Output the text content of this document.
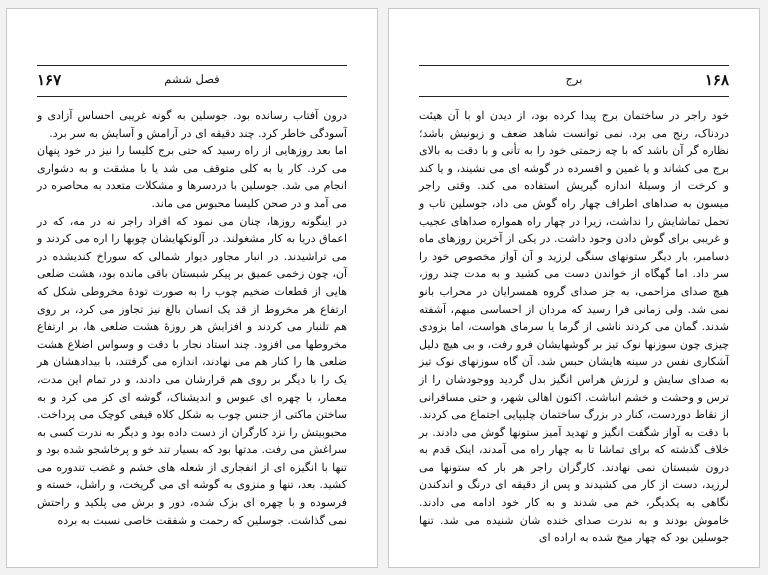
فصل ششم
۱۶۷

درون آفتاب رسانده بود. جوسلین به گونه غریبی احساس آزادی و آسودگی خاطر کرد. چند دقیقه ای در آرامش و آسایش به سر برد.

اما بعد روزهایی از راه رسید که حتی برج کلیسا را نیز در خود پنهان می کرد. کار یا به کلی متوقف می شد یا با مشقت و به دشواری انجام می شد. جوسلین با دردسرها و مشکلات متعدد به محاصره در می آمد و در صحن کلیسا محبوس می ماند.

در اینگونه روزها، چنان می نمود که افراد راجر نه در مه، که در اعماق دریا به کار مشغولند. در آلونکهایشان چوبها را اره می کردند و می تراشیدند. در انبار مجاور دیوار شمالی که سوراخ کندیشده در آن، چون زخمی عمیق بر پیکر شبستان باقی مانده بود، هشت ضلعی هایی از قطعات ضخیم چوب را به صورت تودهٔ مخروطی شکل که ارتفاع هر مخروط از قد یک انسان بالغ نیز تجاوز می کرد، بر روی هم تلنبار می کردند و افزایش هر روزهٔ هشت ضلعی ها، بر ارتفاع مخروطها می افزود. چند استاد نجار با دقت و وسواس اضلاع هشت ضلعی ها را کنار هم می نهادند، اندازه می گرفتند، با بیدادهشان هر یک را با دیگر بر روی هم قرارشان می دادند، و در تمام این مدت، معمار، با چهره ای عبوس و اندیشناک، گوشه ای کز می کرد و به ساختن ماکتی از جنس چوب به شکل کلاه قیفی کوچک می پرداخت. محبوبیتش را نزد کارگران از دست داده بود و دیگر به ندرت کسی به سراغش می رفت. مدتها بود که بسیار تند خو و پرخاشجو شده بود و تنها با انگیزه ای از انفجاری از شعله های خشم و غضب تندوره می کشید. بعد، تنها و منزوی به گوشه ای می گریخت، و راشل، خسته و فرسوده و با چهره ای بزک شده، دور و برش می پلکید و راحتش نمی گذاشت. جوسلین که رحمت و شفقت خاصی نسبت به برده

۱۶۸
برج

خود راجر در ساختمان برج پیدا کرده بود، از دیدن او با آن هیئت دردناک، رنج می برد. نمی توانست شاهد ضعف و زبونیش باشد؛ نظاره گر آن باشد که با چه زحمتی خود را به تأنی و با دقت به بالای برج می کشاند و یا غمین و افسرده در گوشه ای می نشیند، و یا کند و کرخت از وسیلهٔ اندازه گیریش استفاده می کند. وقتی راجر میسون به صداهای اطراف چهار راه گوش می داد، جوسلین تاب و تحمل تماشایش را نداشت، زیرا در چهار راه همواره صداهای عجیب و غریبی برای گوش دادن وجود داشت. در یکی از آخرین روزهای ماه دسامبر، بار دیگر ستونهای سنگی لرزید و آن آواز مخصوص خود را سر داد. اما گهگاه از خواندن دست می کشید و به مدت چند روز، هیچ صدای مزاحمی، به جز صدای گروه همسرایان در محراب بانو نمی شد. ولی زمانی فرا رسید که مردان از احساسی مبهم، آشفته شدند. گمان می کردند ناشی از گرما یا سرمای هواست، اما بزودی چیزی چون سوزنها نوک تیز بر گوشهایشان فرو رفت، و بی هیچ دلیل آشکاری نفس در سینه هایشان حبس شد. آن گاه سوزنهای نوک تیز به صدای سایش و لرزش هراس انگیز بدل گردید ووجودشان را از ترس و وحشت و خشم انباشت. اکنون اهالی شهر، و حتی مسافرانی از نقاط دوردست، کنار در بزرگ ساختمان چلیپایی اجتماع می کردند. با دقت به آواز شگفت انگیز و تهدید آمیز ستونها گوش می دادند. بر خلاف گذشته که برای تماشا تا به چهار راه می آمدند، اینک قدم به درون شبستان نمی نهادند. کارگران راجر هر بار که ستونها می لرزید، دست از کار می کشیدند و پس از دقیقه ای درنگ و اندکندن نگاهی به یکدیگر، خم می شدند و به کار خود ادامه می دادند. خاموش بودند و به ندرت صدای خنده شان شنیده می شد. تنها جوسلین بود که چهار میخ شده به اراده ای
